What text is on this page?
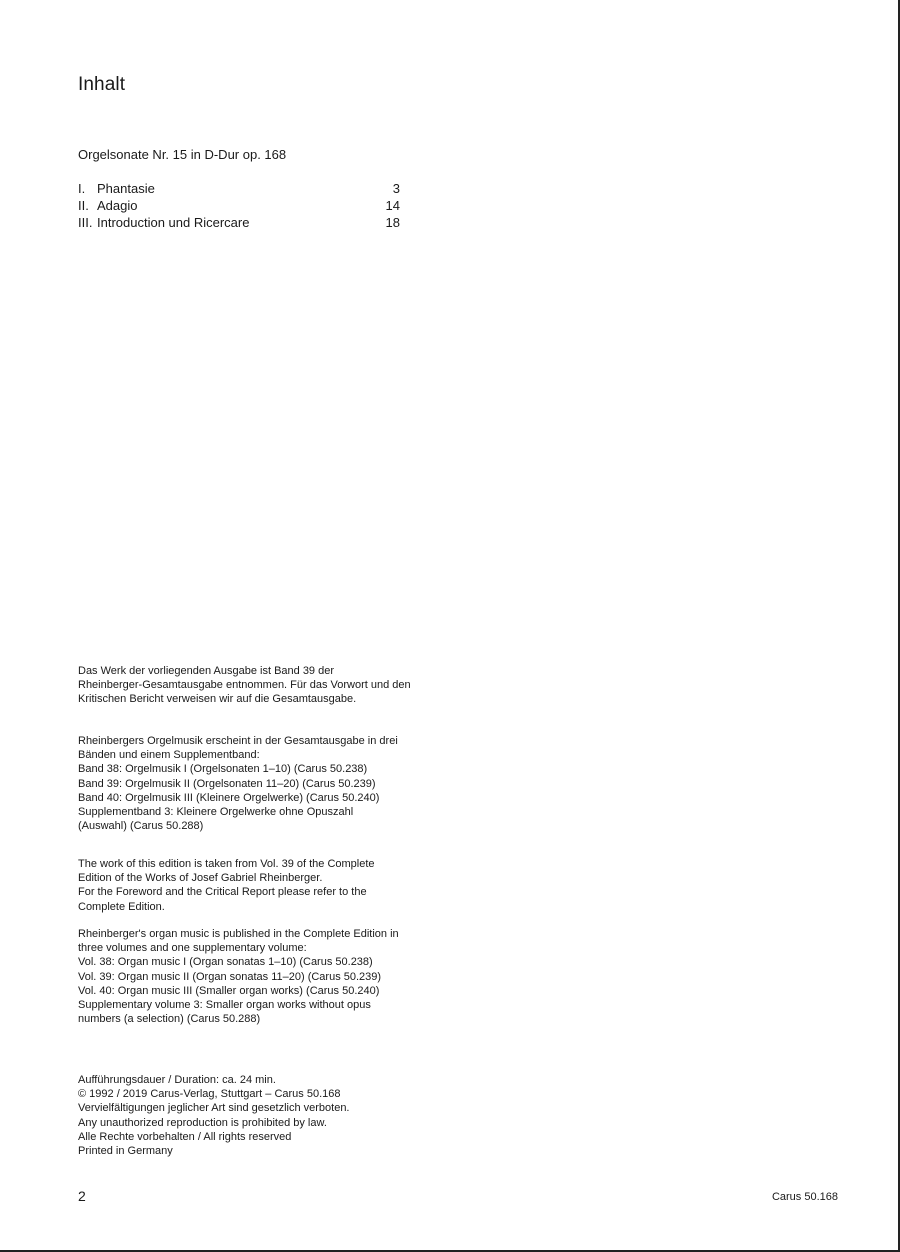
Inhalt
Orgelsonate Nr. 15 in D-Dur op. 168
I. Phantasie	3
II. Adagio	14
III. Introduction und Ricercare	18
Das Werk der vorliegenden Ausgabe ist Band 39 der
Rheinberger-Gesamtausgabe entnommen. Für das Vorwort und den
Kritischen Bericht verweisen wir auf die Gesamtausgabe.
Rheinbergers Orgelmusik erscheint in der Gesamtausgabe in drei
Bänden und einem Supplementband:
Band 38: Orgelmusik I (Orgelsonaten 1–10) (Carus 50.238)
Band 39: Orgelmusik II (Orgelsonaten 11–20) (Carus 50.239)
Band 40: Orgelmusik III (Kleinere Orgelwerke) (Carus 50.240)
Supplementband 3: Kleinere Orgelwerke ohne Opuszahl
(Auswahl) (Carus 50.288)
The work of this edition is taken from Vol. 39 of the Complete
Edition of the Works of Josef Gabriel Rheinberger.
For the Foreword and the Critical Report please refer to the
Complete Edition.
Rheinberger's organ music is published in the Complete Edition in
three volumes and one supplementary volume:
Vol. 38: Organ music I (Organ sonatas 1–10) (Carus 50.238)
Vol. 39: Organ music II (Organ sonatas 11–20) (Carus 50.239)
Vol. 40: Organ music III (Smaller organ works) (Carus 50.240)
Supplementary volume 3: Smaller organ works without opus
numbers (a selection) (Carus 50.288)
Aufführungsdauer / Duration: ca. 24 min.
© 1992 / 2019 Carus-Verlag, Stuttgart – Carus 50.168
Vervielfältigungen jeglicher Art sind gesetzlich verboten.
Any unauthorized reproduction is prohibited by law.
Alle Rechte vorbehalten / All rights reserved
Printed in Germany
2	Carus 50.168
